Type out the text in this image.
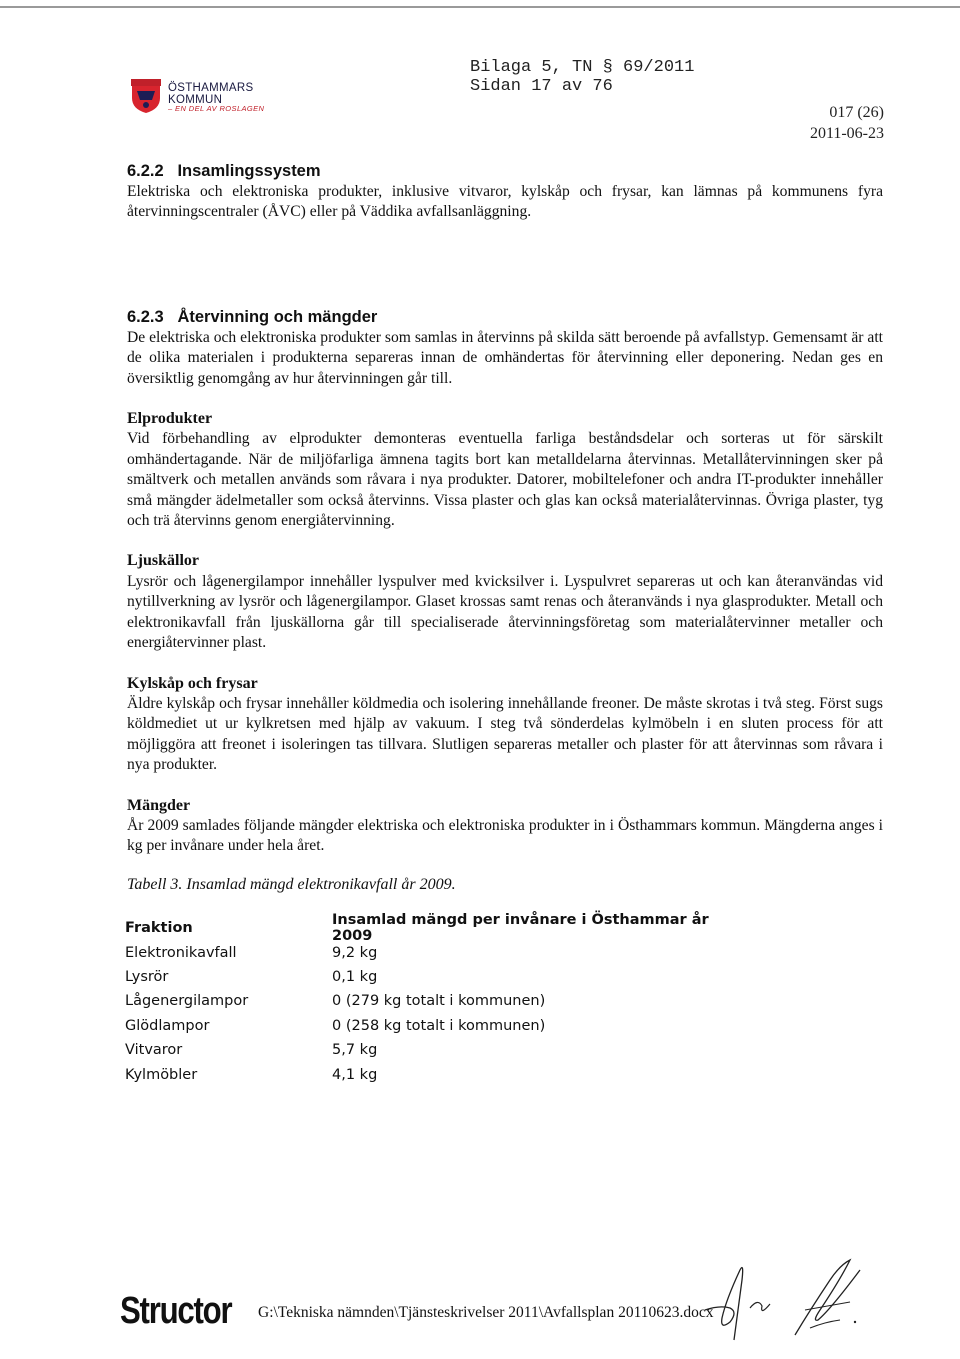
ÖSTHAMMARS
KOMMUN
– EN DEL AV ROSLAGEN
Bilaga 5, TN § 69/2011
Sidan 17 av 76
017 (26)
2011-06-23
6.2.2 Insamlingssystem

Elektriska och elektroniska produkter, inklusive vitvaror, kylskåp och frysar, kan lämnas på kommunens fyra återvinningscentraler (ÅVC) eller på Väddika avfallsanläggning.

6.2.3 Återvinning och mängder

De elektriska och elektroniska produkter som samlas in återvinns på skilda sätt beroende på avfallstyp. Gemensamt är att de olika materialen i produkterna separeras innan de omhändertas för återvinning eller deponering. Nedan ges en översiktlig genomgång av hur återvinningen går till.

Elprodukter

Vid förbehandling av elprodukter demonteras eventuella farliga beståndsdelar och sorteras ut för särskilt omhändertagande. När de miljöfarliga ämnena tagits bort kan metalldelarna återvinnas. Metallåtervinningen sker på smältverk och metallen används som råvara i nya produkter. Datorer, mobiltelefoner och andra IT-produkter innehåller små mängder ädelmetaller som också återvinns. Vissa plaster och glas kan också materialåtervinnas. Övriga plaster, tyg och trä återvinns genom energiåtervinning.

Ljuskällor

Lysrör och lågenergilampor innehåller lyspulver med kvicksilver i. Lyspulvret separeras ut och kan återanvändas vid nytillverkning av lysrör och lågenergilampor. Glaset krossas samt renas och återanvänds i nya glasprodukter. Metall och elektronikavfall från ljuskällorna går till specialiserade återvinningsföretag som materialåtervinner metaller och energiåtervinner plast.

Kylskåp och frysar

Äldre kylskåp och frysar innehåller köldmedia och isolering innehållande freoner. De måste skrotas i två steg. Först sugs köldmediet ut ur kylkretsen med hjälp av vakuum. I steg två sönderdelas kylmöbeln i en sluten process för att möjliggöra att freonet i isoleringen tas tillvara. Slutligen separeras metaller och plaster för att återvinnas som råvara i nya produkter.

Mängder

År 2009 samlades följande mängder elektriska och elektroniska produkter in i Östhammars kommun. Mängderna anges i kg per invånare under hela året.

Tabell 3. Insamlad mängd elektronikavfall år 2009.
Fraktion	Insamlad mängd per invånare i Östhammar år 2009
Elektronikavfall	9,2 kg
Lysrör	0,1 kg
Lågenergilampor	0 (279 kg totalt i kommunen)
Glödlampor	0 (258 kg totalt i kommunen)
Vitvaror	5,7 kg
Kylmöbler	4,1 kg
Structor G:\Tekniska nämnden\Tjänsteskrivelser 2011\Avfallsplan 20110623.docx
